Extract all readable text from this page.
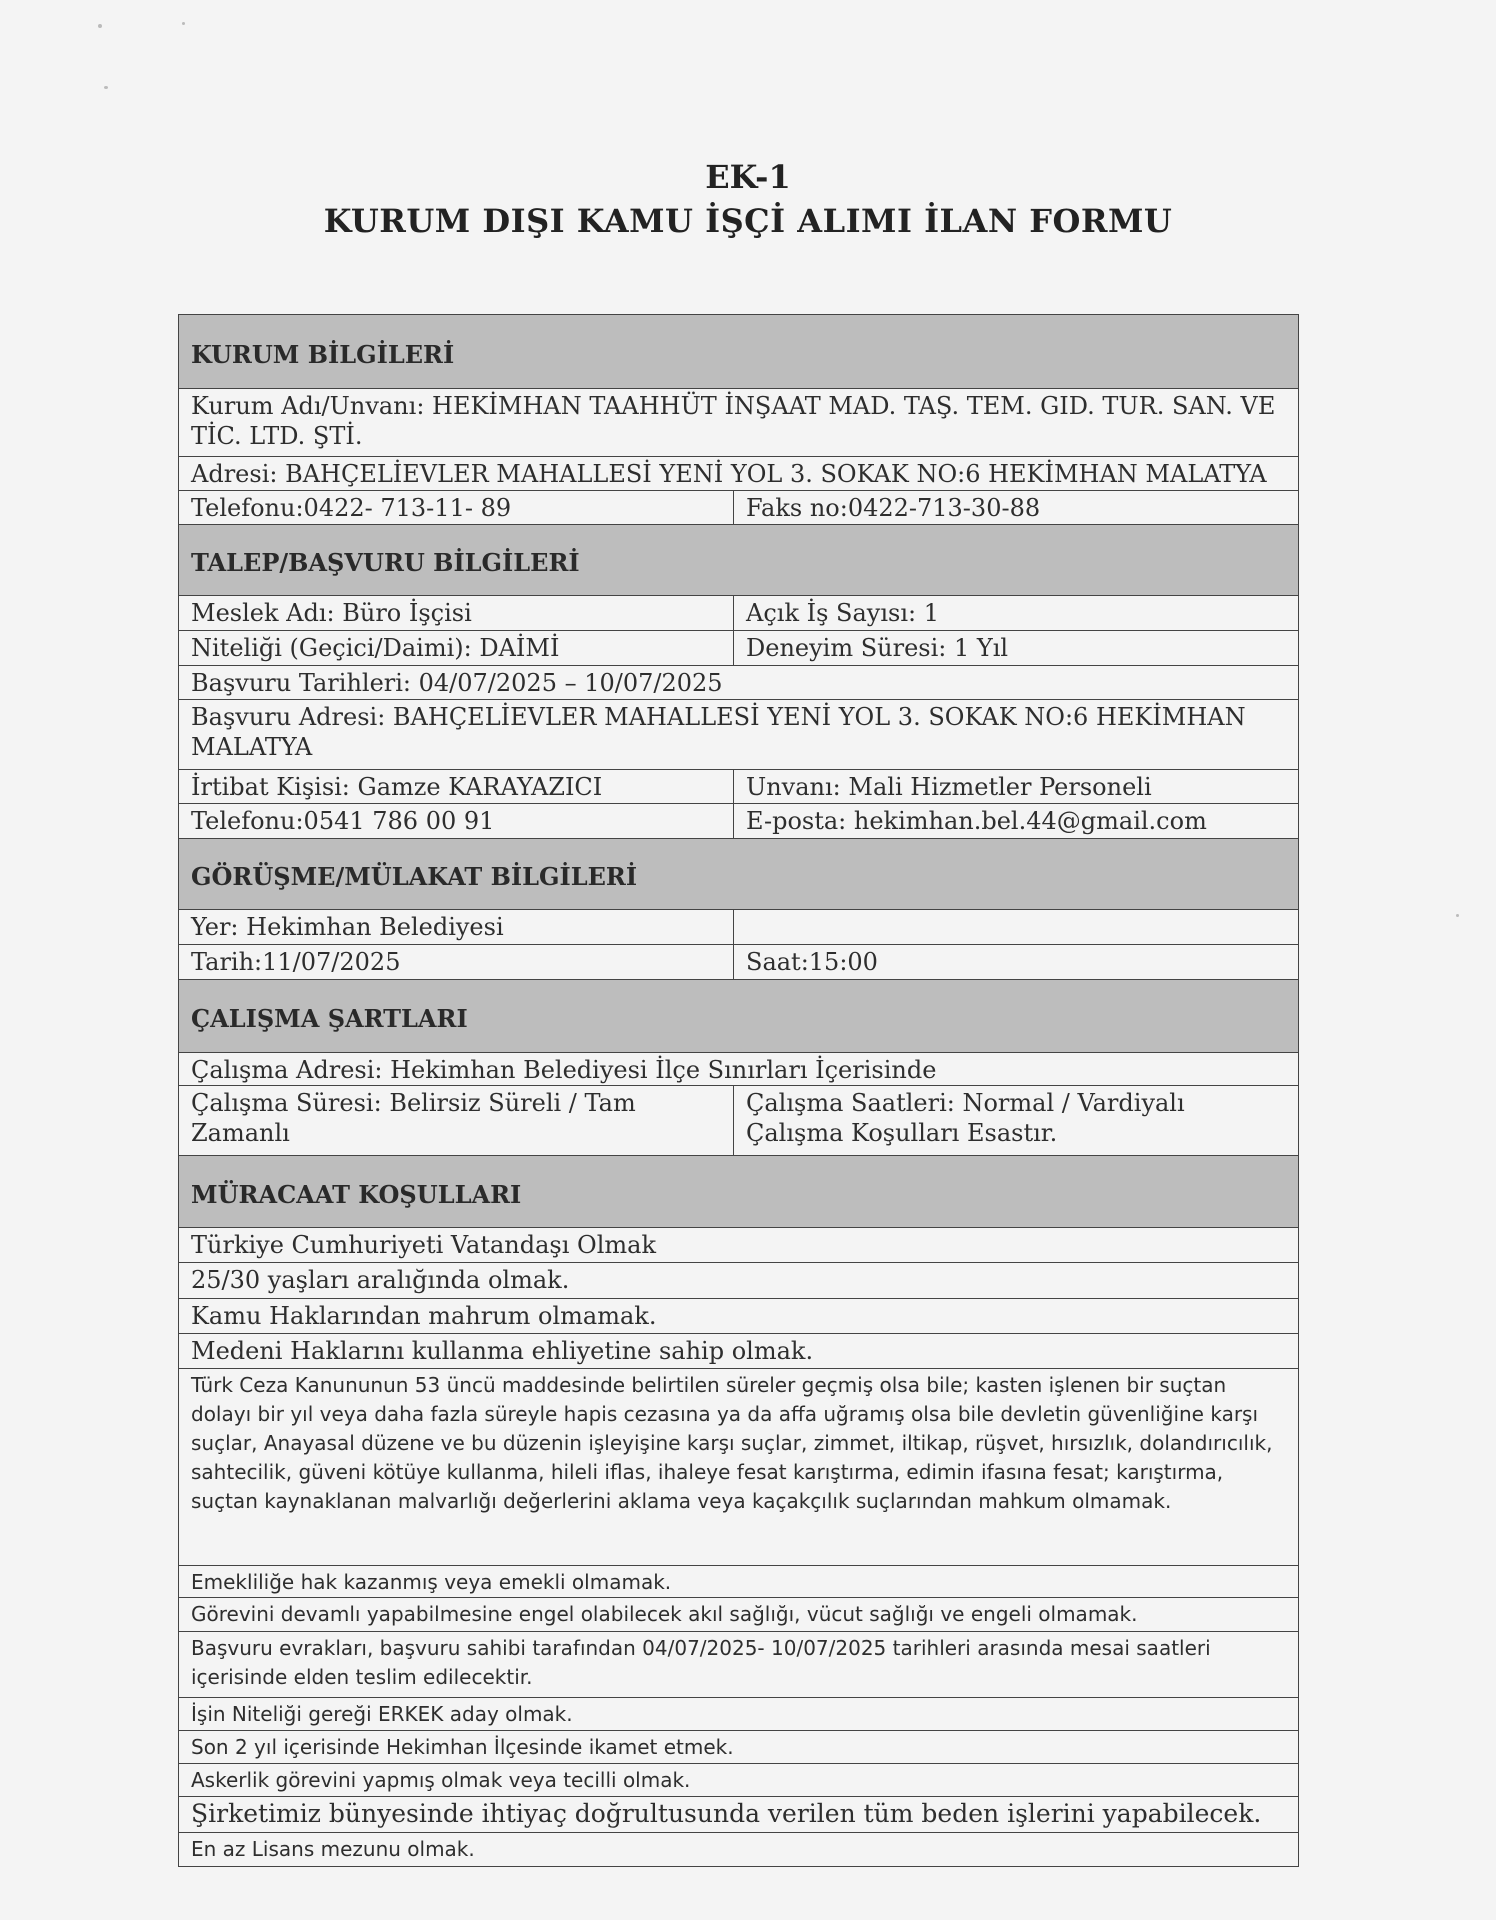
EK-1
KURUM DIŞI KAMU İŞÇİ ALIMI İLAN FORMU
KURUM BİLGİLERİ	
Kurum Adı/Unvanı: HEKİMHAN TAAHHÜT İNŞAAT MAD. TAŞ. TEM. GID. TUR. SAN. VE TİC. LTD. ŞTİ.	
Adresi: BAHÇELİEVLER MAHALLESİ YENİ YOL 3. SOKAK NO:6 HEKİMHAN MALATYA	
Telefonu:0422- 713-11- 89	Faks no:0422-713-30-88
TALEP/BAŞVURU BİLGİLERİ	
Meslek Adı: Büro İşçisi	Açık İş Sayısı: 1
Niteliği (Geçici/Daimi): DAİMİ	Deneyim Süresi: 1 Yıl
Başvuru Tarihleri: 04/07/2025 – 10/07/2025	
Başvuru Adresi: BAHÇELİEVLER MAHALLESİ YENİ YOL 3. SOKAK NO:6 HEKİMHAN MALATYA	
İrtibat Kişisi: Gamze KARAYAZICI	Unvanı: Mali Hizmetler Personeli
Telefonu:0541 786 00 91	E-posta: hekimhan.bel.44@gmail.com
GÖRÜŞME/MÜLAKAT BİLGİLERİ	
Yer: Hekimhan Belediyesi	
Tarih:11/07/2025	Saat:15:00
ÇALIŞMA ŞARTLARI	
Çalışma Adresi: Hekimhan Belediyesi İlçe Sınırları İçerisinde	
Çalışma Süresi: Belirsiz Süreli / Tam Zamanlı	Çalışma Saatleri: Normal / Vardiyalı Çalışma Koşulları Esastır.
MÜRACAAT KOŞULLARI	
Türkiye Cumhuriyeti Vatandaşı Olmak	
25/30 yaşları aralığında olmak.	
Kamu Haklarından mahrum olmamak.	
Medeni Haklarını kullanma ehliyetine sahip olmak.	
Türk Ceza Kanununun 53 üncü maddesinde belirtilen süreler geçmiş olsa bile; kasten işlenen bir suçtan dolayı bir yıl veya daha fazla süreyle hapis cezasına ya da affa uğramış olsa bile devletin güvenliğine karşı suçlar, Anayasal düzene ve bu düzenin işleyişine karşı suçlar, zimmet, iltikap, rüşvet, hırsızlık, dolandırıcılık, sahtecilik, güveni kötüye kullanma, hileli iflas, ihaleye fesat karıştırma, edimin ifasına fesat; karıştırma, suçtan kaynaklanan malvarlığı değerlerini aklama veya kaçakçılık suçlarından mahkum olmamak.	
Emekliliğe hak kazanmış veya emekli olmamak.	
Görevini devamlı yapabilmesine engel olabilecek akıl sağlığı, vücut sağlığı ve engeli olmamak.	
Başvuru evrakları, başvuru sahibi tarafından 04/07/2025- 10/07/2025 tarihleri arasında mesai saatleri içerisinde elden teslim edilecektir.	
İşin Niteliği gereği ERKEK aday olmak.	
Son 2 yıl içerisinde Hekimhan İlçesinde ikamet etmek.	
Askerlik görevini yapmış olmak veya tecilli olmak.	
Şirketimiz bünyesinde ihtiyaç doğrultusunda verilen tüm beden işlerini yapabilecek.	
En az Lisans mezunu olmak.	
